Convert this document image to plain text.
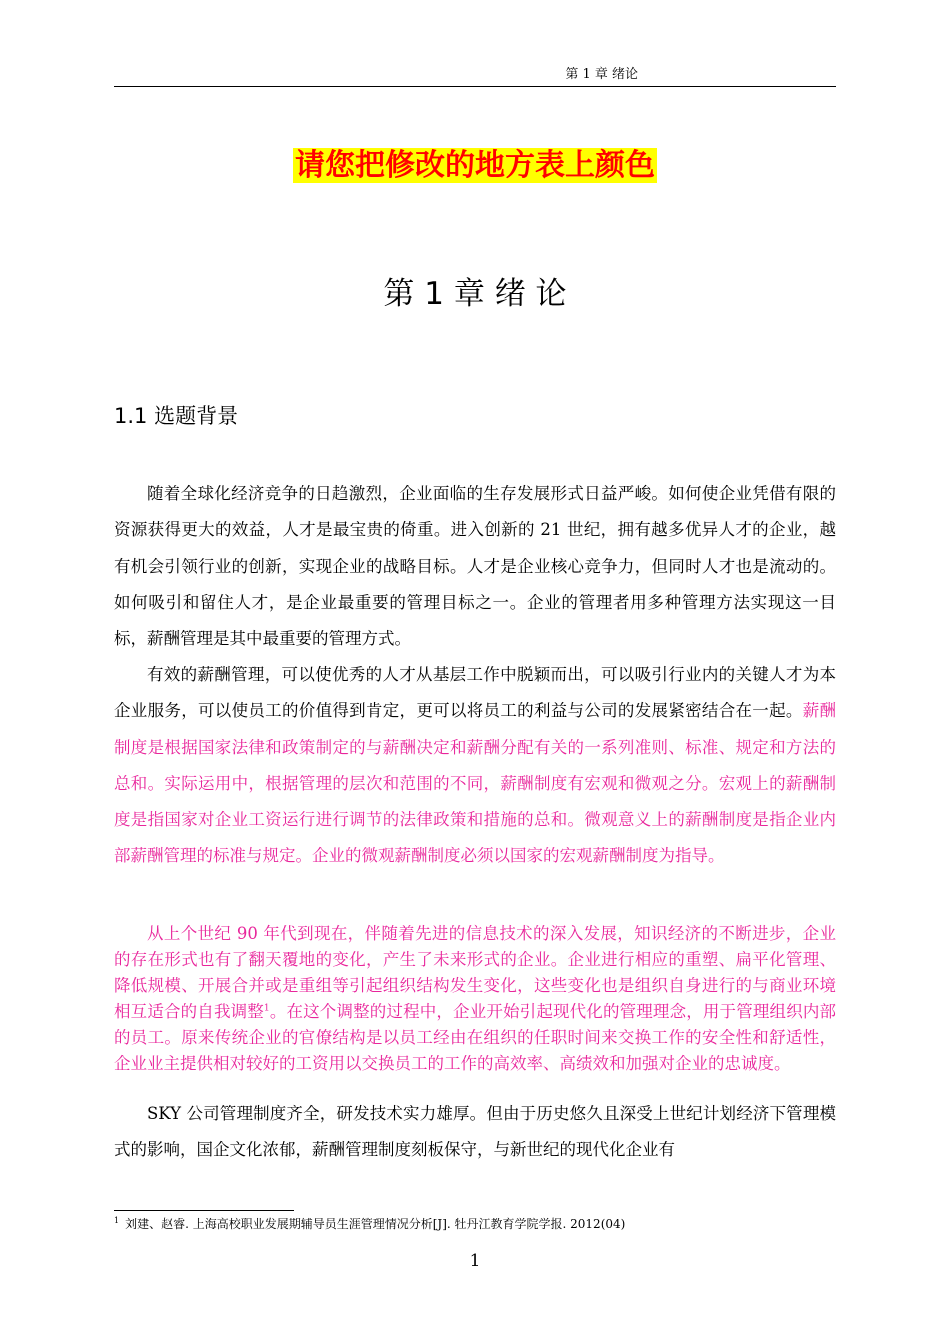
第 1 章 绪论
请您把修改的地方表上颜色
第 1 章 绪 论
1.1 选题背景

随着全球化经济竞争的日趋激烈，企业面临的生存发展形式日益严峻。如何使企业凭借有限的资源获得更大的效益，人才是最宝贵的倚重。进入创新的 21 世纪，拥有越多优异人才的企业，越有机会引领行业的创新，实现企业的战略目标。人才是企业核心竞争力，但同时人才也是流动的。如何吸引和留住人才，是企业最重要的管理目标之一。企业的管理者用多种管理方法实现这一目标，薪酬管理是其中最重要的管理方式。

有效的薪酬管理，可以使优秀的人才从基层工作中脱颖而出，可以吸引行业内的关键人才为本企业服务，可以使员工的价值得到肯定，更可以将员工的利益与公司的发展紧密结合在一起。薪酬制度是根据国家法律和政策制定的与薪酬决定和薪酬分配有关的一系列准则、标准、规定和方法的总和。实际运用中，根据管理的层次和范围的不同，薪酬制度有宏观和微观之分。宏观上的薪酬制度是指国家对企业工资运行进行调节的法律政策和措施的总和。微观意义上的薪酬制度是指企业内部薪酬管理的标准与规定。企业的微观薪酬制度必须以国家的宏观薪酬制度为指导。

从上个世纪 90 年代到现在，伴随着先进的信息技术的深入发展，知识经济的不断进步，企业的存在形式也有了翻天覆地的变化，产生了未来形式的企业。企业进行相应的重塑、扁平化管理、降低规模、开展合并或是重组等引起组织结构发生变化，这些变化也是组织自身进行的与商业环境相互适合的自我调整$^1$。在这个调整的过程中，企业开始引起现代化的管理理念，用于管理组织内部的员工。原来传统企业的官僚结构是以员工经由在组织的任职时间来交换工作的安全性和舒适性，企业业主提供相对较好的工资用以交换员工的工作的高效率、高绩效和加强对企业的忠诚度。

SKY 公司管理制度齐全，研发技术实力雄厚。但由于历史悠久且深受上世纪计划经济下管理模式的影响，国企文化浓郁，薪酬管理制度刻板保守，与新世纪的现代化企业有

$^1$ 刘建、赵睿. 上海高校职业发展期辅导员生涯管理情况分析[J]. 牡丹江教育学院学报. 2012(04)
1
